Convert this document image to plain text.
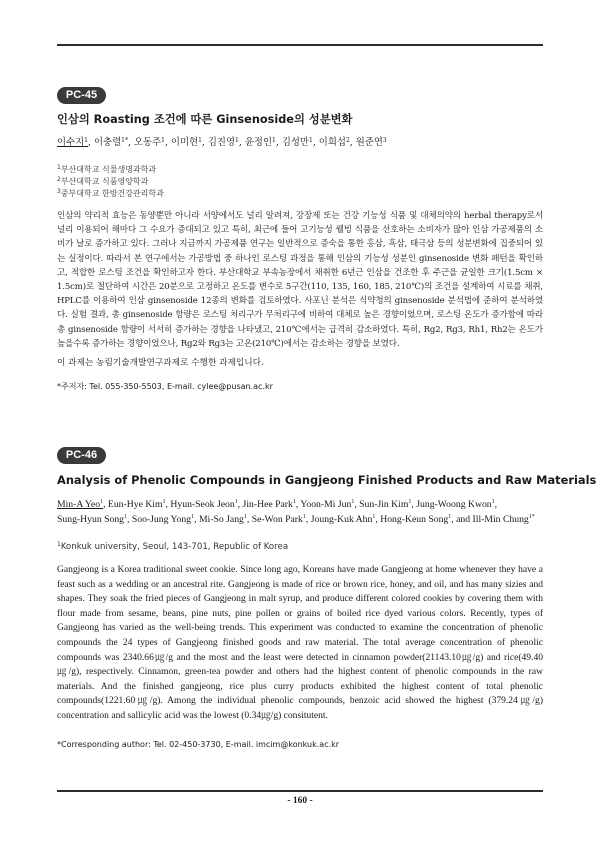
PC-45
인삼의 Roasting 조건에 따른 Ginsenoside의 성분변화
이수지$^1$, 이충렬$^{1*}$, 오동주$^1$, 이미현$^1$, 김진영$^1$, 윤정인$^1$, 김성만$^1$, 이희섭$^2$, 원준연$^3$
$^1$부산대학교 식물생명과학과
$^2$부산대학교 식품영양학과
$^3$중부대학교 한방건강관리학과
인삼의 약리적 효능은 동양뿐만 아니라 서양에서도 널리 알려져, 강장제 또는 건강 기능성 식품 및 대체의약의 herbal therapy로서 널리 이용되어 해마다 그 수요가 증대되고 있고 특히, 최근에 들어 고기능성 웰빙 식품을 선호하는 소비자가 많아 인삼 가공제품의 소비가 날로 증가하고 있다. 그러나 지금까지 가공제품 연구는 일반적으로 증숙을 통한 홍삼, 흑삼, 태극삼 등의 성분변화에 집중되어 있는 실정이다. 따라서 본 연구에서는 가공방법 중 하나인 로스팅 과정을 통해 인삼의 기능성 성분인 ginsenoside 변화 패턴을 확인하고, 적합한 로스팅 조건을 확인하고자 한다. 부산대학교 부속농장에서 채취한 6년근 인삼을 건조한 후 주근을 균일한 크기(1.5cm × 1.5cm)로 절단하여 시간은 20분으로 고정하고 온도를 변수로 5구간(110, 135, 160, 185, 210℃)의 조건을 설계하여 시료를 채취, HPLC를 이용하여 인삼 ginsenoside 12종의 변화를 검토하였다. 사포닌 분석은 식약청의 ginsenoside 분석법에 준하여 분석하였다. 실험 결과, 총 ginsenoside 함량은 로스팅 처리구가 무처리구에 비하여 대체로 높은 경향이었으며, 로스팅 온도가 증가함에 따라 총 ginsenoside 함량이 서서히 증가하는 경향을 나타냈고, 210℃에서는 급격히 감소하였다. 특히, Rg2, Rg3, Rh1, Rh2는 온도가 높을수록 증가하는 경향이었으나, Rg2와 Rg3는 고온(210℃)에서는 감소하는 경향을 보였다.
이 과제는 농림기술개발연구과제로 수행한 과제입니다.
*주저자: Tel. 055-350-5503, E-mail. cylee@pusan.ac.kr
PC-46
Analysis of Phenolic Compounds in Gangjeong Finished Products and Raw Materials
Min-A Yeo$^1$, Eun-Hye Kim$^1$, Hyun-Seok Jeon$^1$, Jin-Hee Park$^1$, Yoon-Mi Jun$^1$, Sun-Jin Kim$^1$, Jung-Woong Kwon$^1$, Sung-Hyun Song$^1$, Soo-Jung Yong$^1$, Mi-So Jang$^1$, Se-Won Park$^1$, Joung-Kuk Ahn$^1$, Hong-Keun Song$^1$, and Ill-Min Chung$^{1*}$
$^1$Konkuk university, Seoul, 143-701, Republic of Korea
Gangjeong is a Korea traditional sweet cookie. Since long ago, Koreans have made Gangjeong at home whenever they have a feast such as a wedding or an ancestral rite. Gangjeong is made of rice or brown rice, honey, and oil, and has many sizies and shapes. They soak the fried pieces of Gangjeong in malt syrup, and produce different colored cookies by covering them with flour made from sesame, beans, pine nuts, pine pollen or grains of boiled rice dyed various colors. Recently, types of Gangjeong has varied as the well-being trends. This experiment was conducted to examine the concentration of phenolic compounds the 24 types of Gangjeong finished goods and raw material. The total average concentration of phenolic compounds was 2340.66㎍/g and the most and the least were detected in cinnamon powder(21143.10㎍/g) and rice(49.40㎍/g), respectively. Cinnamon, green-tea powder and others had the highest content of phenolic compounds in the raw materials. And the finished gangjeong, rice plus curry products exhibited the highest content of total phenolic compounds(1221.60㎍/g). Among the individual phenolic compounds, benzoic acid showed the highest (379.24㎍/g) concentration and sallicylic acid was the lowest (0.34㎍/g) consitutent.
*Corresponding author: Tel. 02-450-3730, E-mail. imcim@konkuk.ac.kr
- 160 -
